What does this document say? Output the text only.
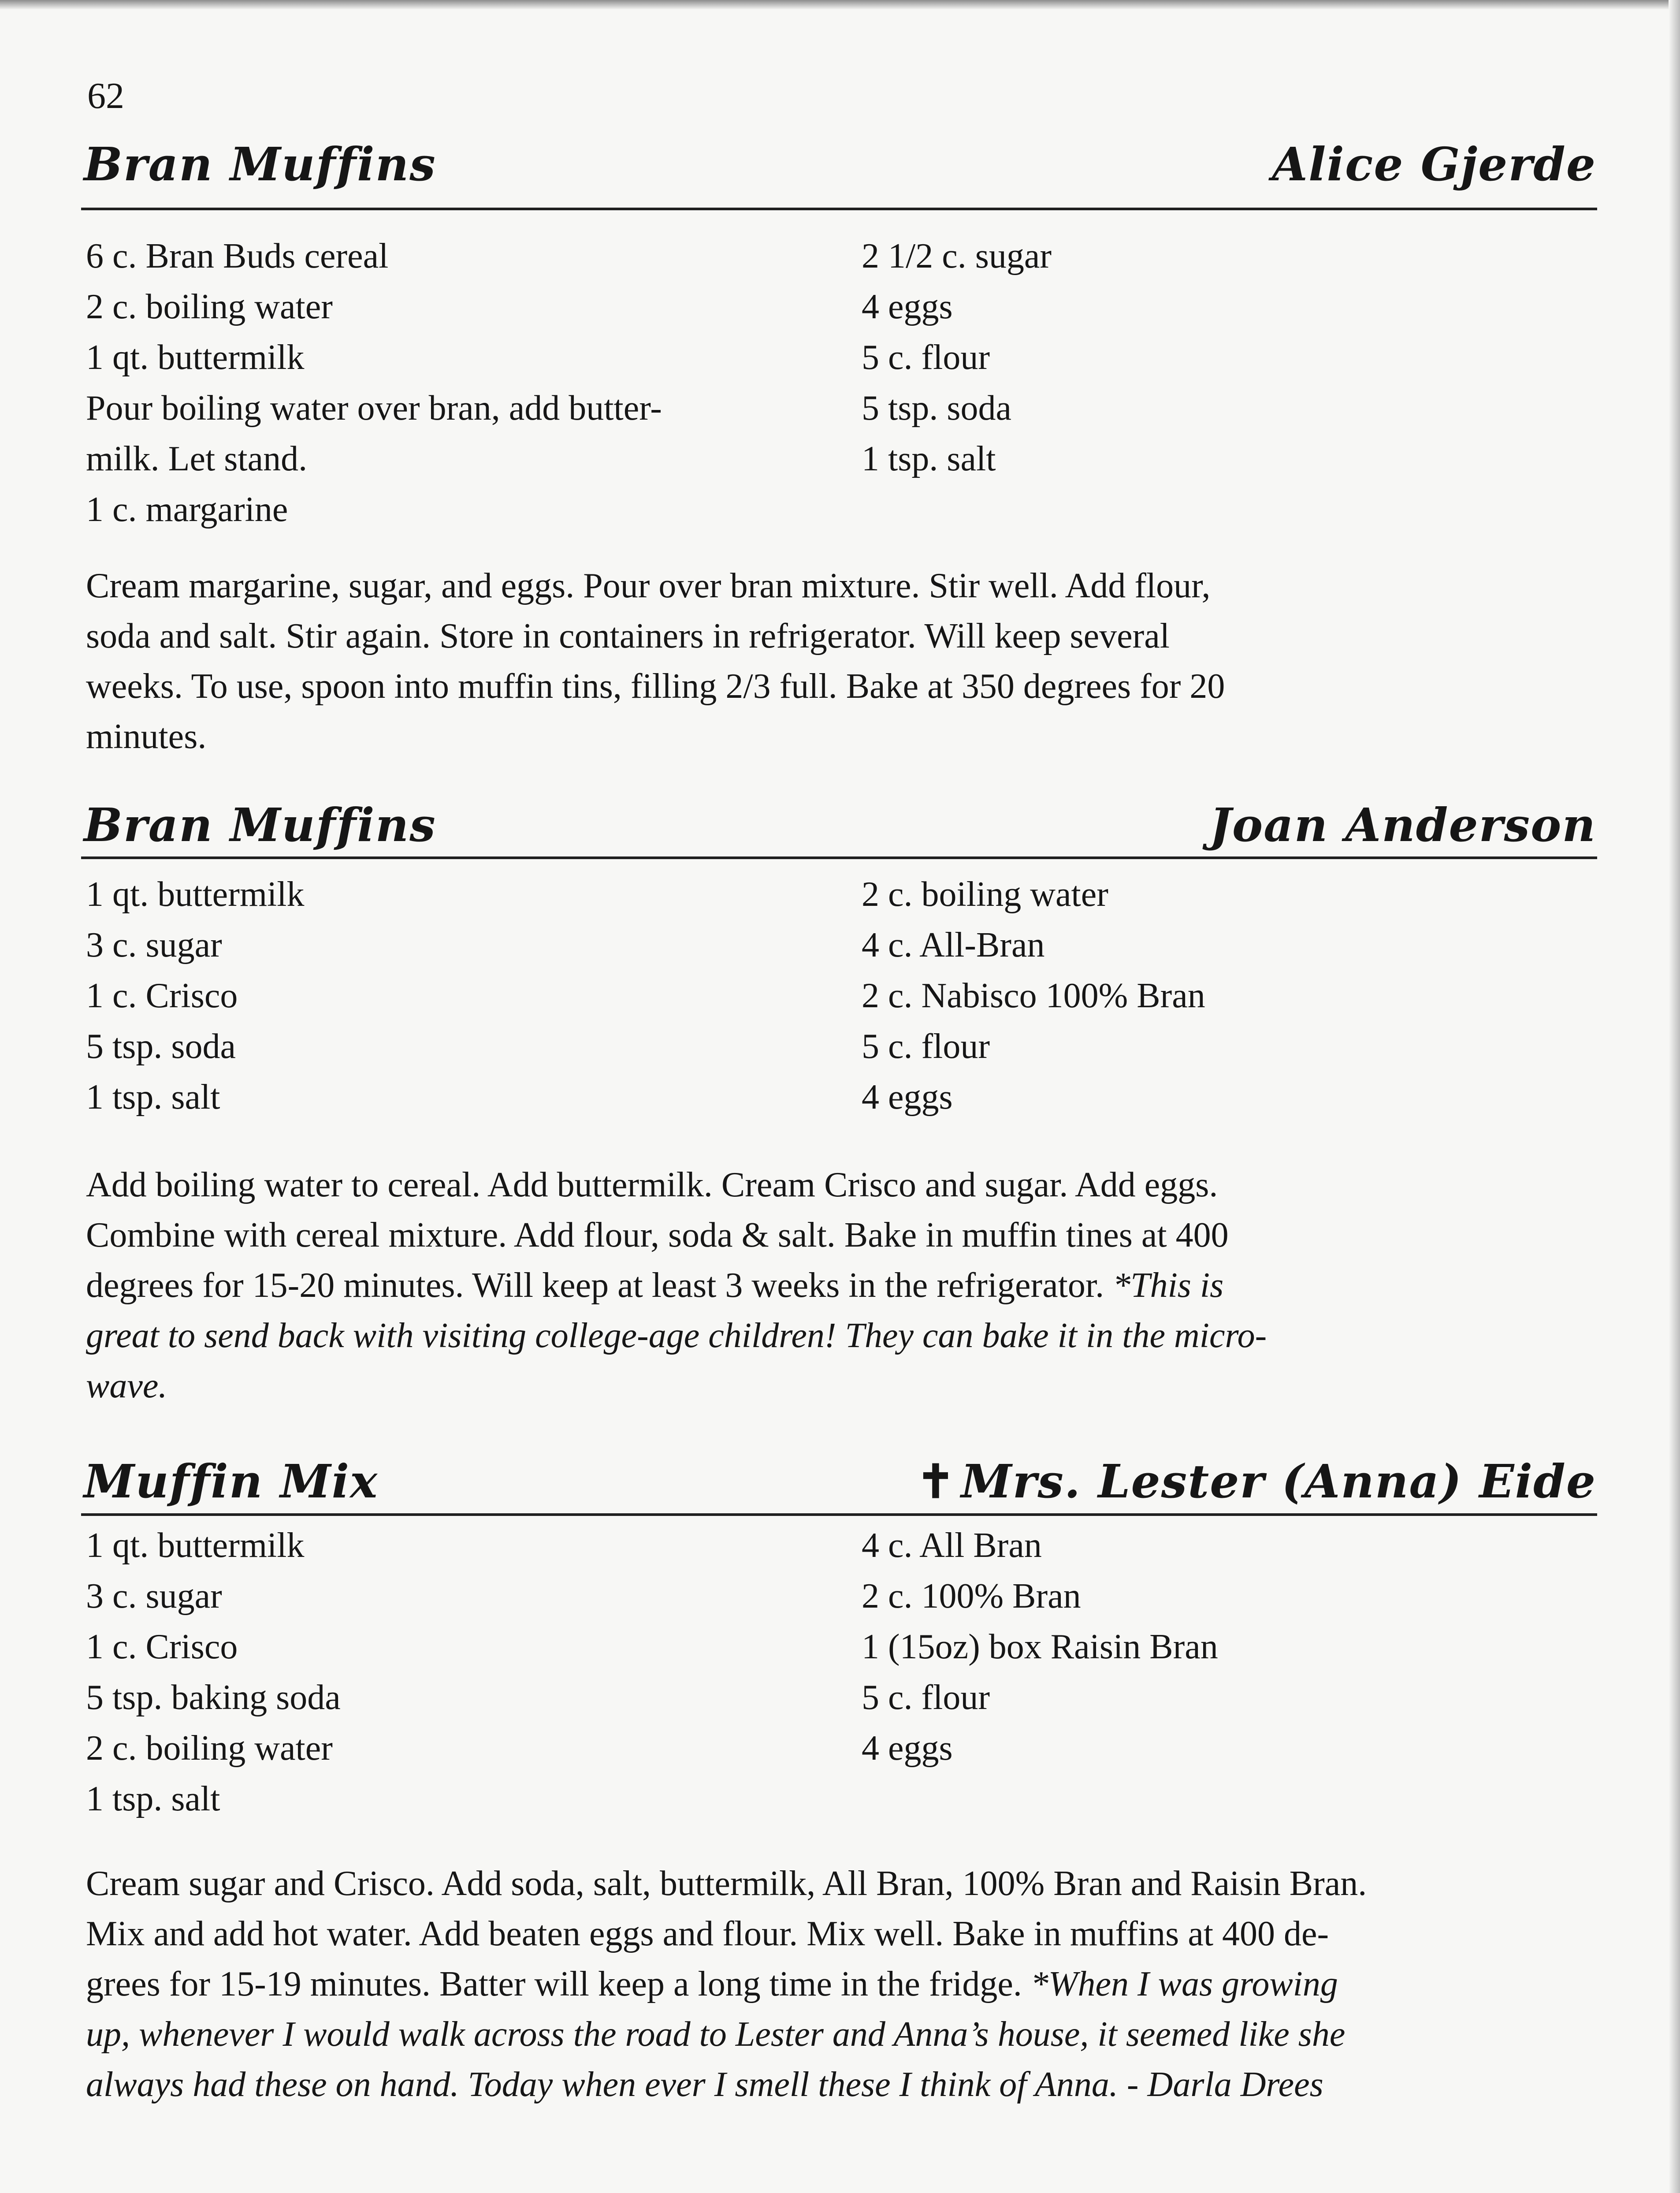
62
Bran Muffins	Alice Gjerde
6 c. Bran Buds cereal
2 c. boiling water
1 qt. buttermilk
Pour boiling water over bran, add butter-
milk. Let stand.
1 c. margarine
2 1/2 c. sugar
4 eggs
5 c. flour
5 tsp. soda
1 tsp. salt
Cream margarine, sugar, and eggs. Pour over bran mixture. Stir well. Add flour,
soda and salt. Stir again. Store in containers in refrigerator. Will keep several
weeks. To use, spoon into muffin tins, filling 2/3 full. Bake at 350 degrees for 20
minutes.
Bran Muffins	Joan Anderson
1 qt. buttermilk
3 c. sugar
1 c. Crisco
5 tsp. soda
1 tsp. salt
2 c. boiling water
4 c. All-Bran
2 c. Nabisco 100% Bran
5 c. flour
4 eggs
Add boiling water to cereal. Add buttermilk. Cream Crisco and sugar. Add eggs.
Combine with cereal mixture. Add flour, soda & salt. Bake in muffin tines at 400
degrees for 15-20 minutes. Will keep at least 3 weeks in the refrigerator. *This is
great to send back with visiting college-age children! They can bake it in the micro-
wave.
Muffin Mix	✝ Mrs. Lester (Anna) Eide
1 qt. buttermilk
3 c. sugar
1 c. Crisco
5 tsp. baking soda
2 c. boiling water
1 tsp. salt
4 c. All Bran
2 c. 100% Bran
1 (15oz) box Raisin Bran
5 c. flour
4 eggs
Cream sugar and Crisco. Add soda, salt, buttermilk, All Bran, 100% Bran and Raisin Bran.
Mix and add hot water. Add beaten eggs and flour. Mix well. Bake in muffins at 400 de-
grees for 15-19 minutes. Batter will keep a long time in the fridge. *When I was growing
up, whenever I would walk across the road to Lester and Anna’s house, it seemed like she
always had these on hand. Today when ever I smell these I think of Anna. - Darla Drees
